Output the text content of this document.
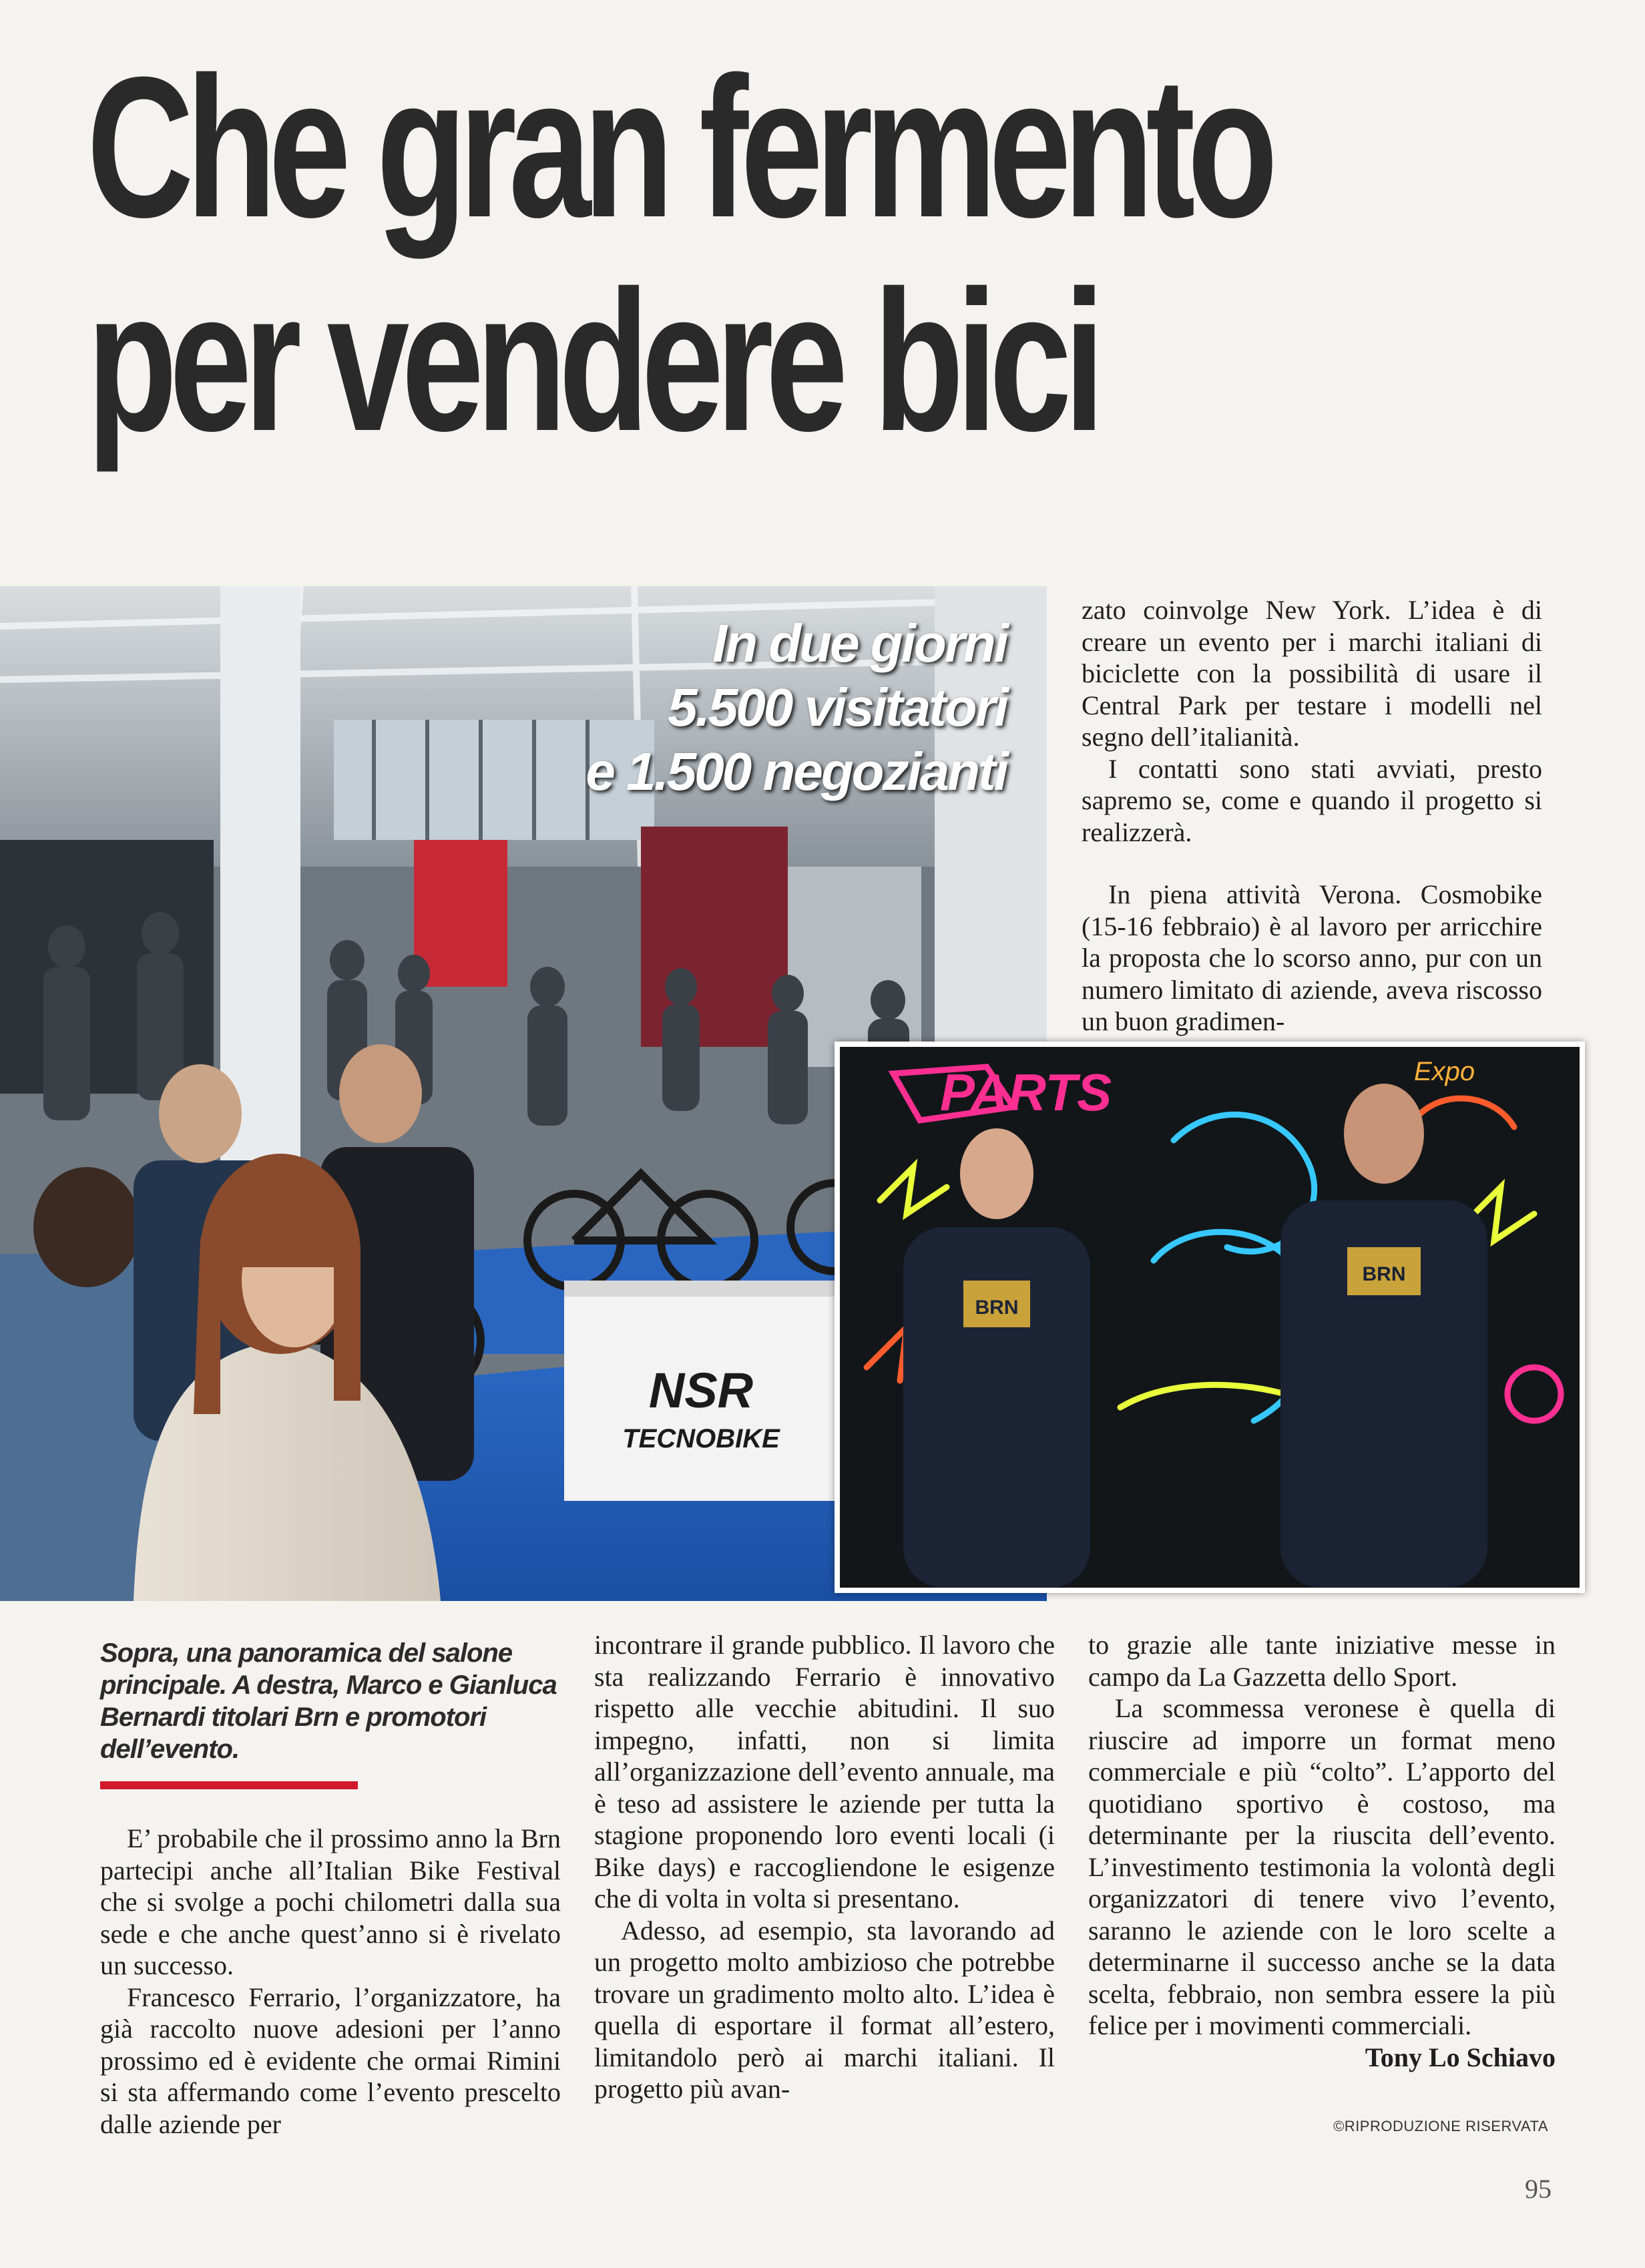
Che gran fermento
per vendere bici
NSR
TECNOBIKE
In due giorni
5.500 visitatori
e 1.500 negozianti
PARTS	Expo
BRN
BRN

zato coinvolge New York. L’idea è di creare un evento per i marchi italiani di biciclette con la possibilità di usare il Central Park per testare i modelli nel segno dell’italianità.

I contatti sono stati avviati, presto sapremo se, come e quando il progetto si realizzerà.

In piena attività Verona. Cosmobike (15-16 febbraio) è al lavoro per arricchire la proposta che lo scorso anno, pur con un numero limitato di aziende, aveva riscosso un buon gradimen-

Sopra, una panoramica del salone principale. A destra, Marco e Gianluca Bernardi titolari Brn e promotori dell’evento.

E’ probabile che il prossimo anno la Brn partecipi anche all’Italian Bike Festival che si svolge a pochi chilometri dalla sua sede e che anche quest’anno si è rivelato un successo.

Francesco Ferrario, l’organizzatore, ha già raccolto nuove adesioni per l’anno prossimo ed è evidente che ormai Rimini si sta affermando come l’evento prescelto dalle aziende per

incontrare il grande pubblico. Il lavoro che sta realizzando Ferrario è innovativo rispetto alle vecchie abitudini. Il suo impegno, infatti, non si limita all’organizzazione dell’evento annuale, ma è teso ad assistere le aziende per tutta la stagione proponendo loro eventi locali (i Bike days) e raccogliendone le esigenze che di volta in volta si presentano.

Adesso, ad esempio, sta lavorando ad un progetto molto ambizioso che potrebbe trovare un gradimento molto alto. L’idea è quella di esportare il format all’estero, limitandolo però ai marchi italiani. Il progetto più avan-

to grazie alle tante iniziative messe in campo da La Gazzetta dello Sport.

La scommessa veronese è quella di riuscire ad imporre un format meno commerciale e più “colto”. L’apporto del quotidiano sportivo è costoso, ma determinante per la riuscita dell’evento. L’investimento testimonia la volontà degli organizzatori di tenere vivo l’evento, saranno le aziende con le loro scelte a determinarne il successo anche se la data scelta, febbraio, non sembra essere la più felice per i movimenti commerciali.

Tony Lo Schiavo

©RIPRODUZIONE RISERVATA
95
